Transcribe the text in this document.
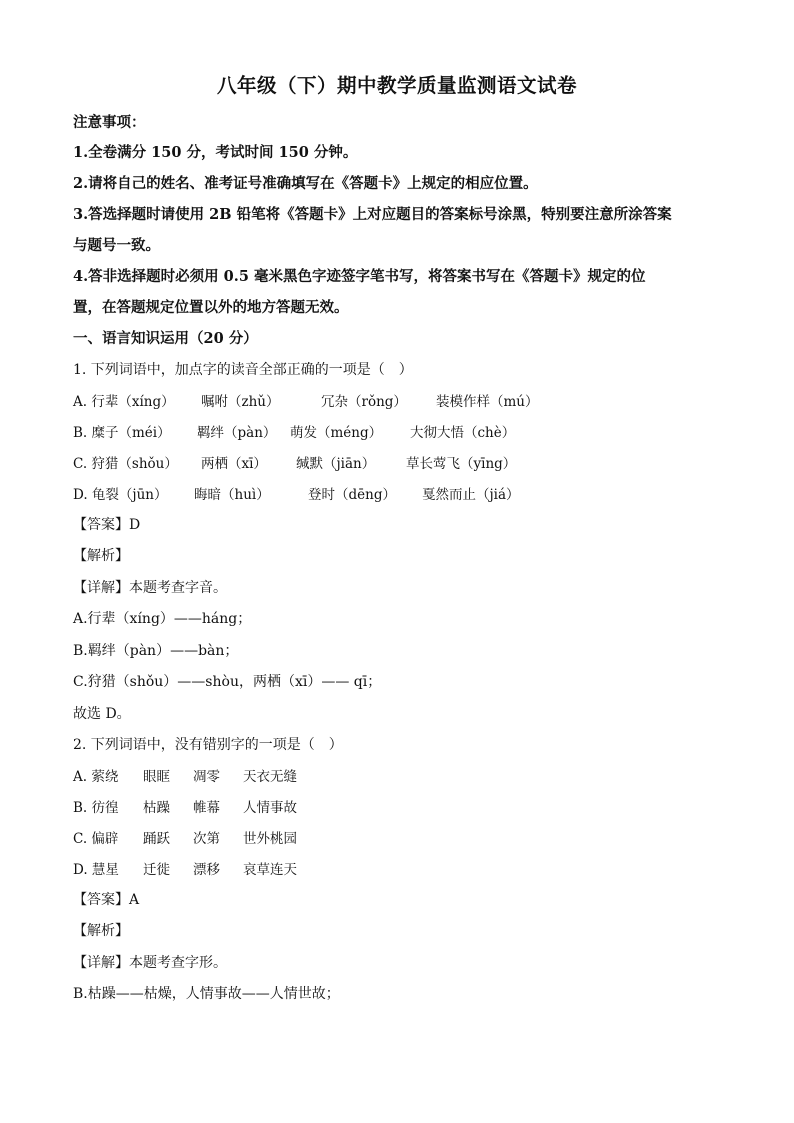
八年级（下）期中教学质量监测语文试卷
注意事项：
1.全卷满分 150 分，考试时间 150 分钟。
2.请将自己的姓名、准考证号准确填写在《答题卡》上规定的相应位置。
3.答选择题时请使用 2B 铅笔将《答题卡》上对应题目的答案标号涂黑，特别要注意所涂答案
与题号一致。
4.答非选择题时必须用 0.5 毫米黑色字迹签字笔书写，将答案书写在《答题卡》规定的位
置，在答题规定位置以外的地方答题无效。
一、语言知识运用（20 分）
1. 下列词语中，加点字的读音全部正确的一项是（　）
A. 行辈（xíng） 嘱咐（zhǔ）	冗杂（rǒng） 装模作样（mú）
B. 糜子（méi） 羁绊（pàn） 萌发（méng） 大彻大悟（chè）
C. 狩猎（shǒu） 两栖（xī） 缄默（jiān） 草长莺飞（yīng）
D. 龟裂（jūn） 晦暗（huì）	登时（dēng） 戛然而止（jiá）
【答案】D
【解析】
【详解】本题考查字音。
A.行辈（xíng）——háng；
B.羁绊（pàn）——bàn；
C.狩猎（shǒu）——shòu，两栖（xī）—— qī；
故选 D。
2. 下列词语中，没有错别字的一项是（　）
A. 萦绕 眼眶 凋零 天衣无缝
B. 彷徨 枯躁 帷幕 人情事故
C. 偏辟 踊跃 次第 世外桃园
D. 慧星 迁徙 漂移 哀草连天
【答案】A
【解析】
【详解】本题考查字形。
B.枯躁——枯燥，人情事故——人情世故；
